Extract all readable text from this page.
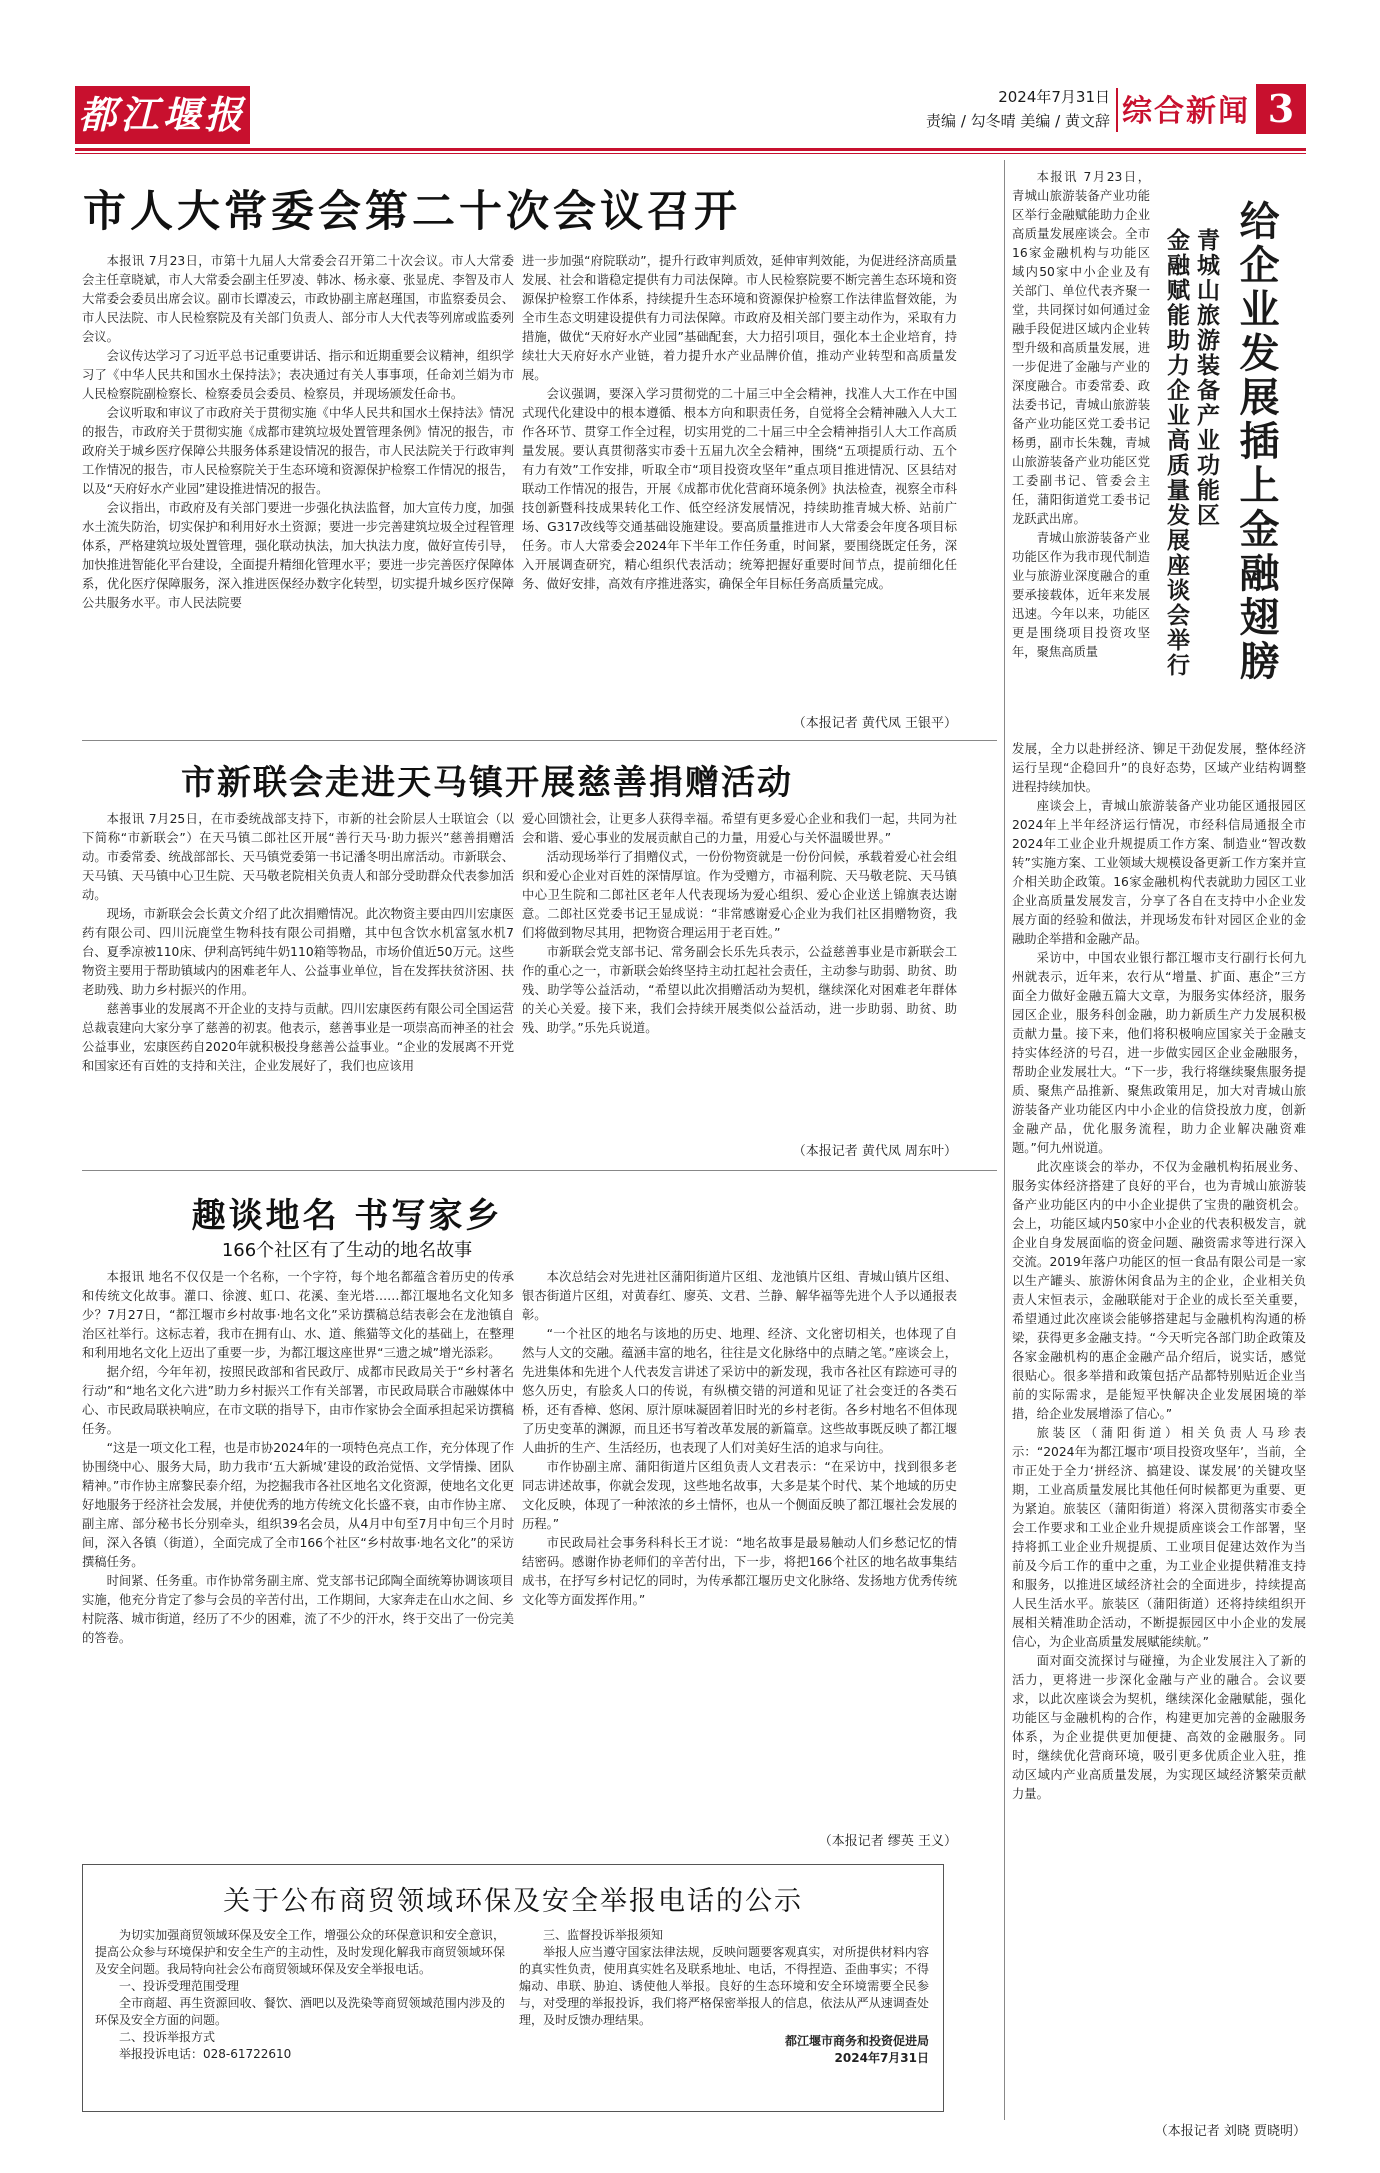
都江堰报	2024年7月31日
责编 / 勾冬晴 美编 / 黄文辞 综合新闻 3
市人大常委会第二十次会议召开

本报讯 7月23日，市第十九届人大常委会召开第二十次会议。市人大常委会主任章晓斌，市人大常委会副主任罗凌、韩冰、杨永豪、张显虎、李智及市人大常委会委员出席会议。副市长谭凌云，市政协副主席赵瑾国，市监察委员会、市人民法院、市人民检察院及有关部门负责人、部分市人大代表等列席或监委列会议。

会议传达学习了习近平总书记重要讲话、指示和近期重要会议精神，组织学习了《中华人民共和国水土保持法》；表决通过有关人事事项，任命刘兰娟为市人民检察院副检察长、检察委员会委员、检察员，并现场颁发任命书。

会议听取和审议了市政府关于贯彻实施《中华人民共和国水土保持法》情况的报告，市政府关于贯彻实施《成都市建筑垃圾处置管理条例》情况的报告，市政府关于城乡医疗保障公共服务体系建设情况的报告，市人民法院关于行政审判工作情况的报告，市人民检察院关于生态环境和资源保护检察工作情况的报告，以及“天府好水产业园”建设推进情况的报告。

会议指出，市政府及有关部门要进一步强化执法监督，加大宣传力度，加强水土流失防治，切实保护和利用好水土资源；要进一步完善建筑垃圾全过程管理体系，严格建筑垃圾处置管理，强化联动执法，加大执法力度，做好宣传引导，加快推进智能化平台建设，全面提升精细化管理水平；要进一步完善医疗保障体系，优化医疗保障服务，深入推进医保经办数字化转型，切实提升城乡医疗保障公共服务水平。市人民法院要

进一步加强“府院联动”，提升行政审判质效，延伸审判效能，为促进经济高质量发展、社会和谐稳定提供有力司法保障。市人民检察院要不断完善生态环境和资源保护检察工作体系，持续提升生态环境和资源保护检察工作法律监督效能，为全市生态文明建设提供有力司法保障。市政府及相关部门要主动作为，采取有力措施，做优“天府好水产业园”基础配套，大力招引项目，强化本土企业培育，持续壮大天府好水产业链，着力提升水产业品牌价值，推动产业转型和高质量发展。

会议强调，要深入学习贯彻党的二十届三中全会精神，找准人大工作在中国式现代化建设中的根本遵循、根本方向和职责任务，自觉将全会精神融入人大工作各环节、贯穿工作全过程，切实用党的二十届三中全会精神指引人大工作高质量发展。要认真贯彻落实市委十五届九次全会精神，围绕“五项提质行动、五个有力有效”工作安排，听取全市“项目投资攻坚年”重点项目推进情况、区县结对联动工作情况的报告，开展《成都市优化营商环境条例》执法检查，视察全市科技创新暨科技成果转化工作、低空经济发展情况，持续助推青城大桥、站前广场、G317改线等交通基础设施建设。要高质量推进市人大常委会年度各项目标任务。市人大常委会2024年下半年工作任务重，时间紧，要围绕既定任务，深入开展调查研究，精心组织代表活动；统筹把握好重要时间节点，提前细化任务、做好安排，高效有序推进落实，确保全年目标任务高质量完成。

（本报记者 黄代凤 王银平）
市新联会走进天马镇开展慈善捐赠活动

本报讯 7月25日，在市委统战部支持下，市新的社会阶层人士联谊会（以下简称“市新联会”）在天马镇二郎社区开展“善行天马·助力振兴”慈善捐赠活动。市委常委、统战部部长、天马镇党委第一书记潘冬明出席活动。市新联会、天马镇、天马镇中心卫生院、天马敬老院相关负责人和部分受助群众代表参加活动。

现场，市新联会会长黄文介绍了此次捐赠情况。此次物资主要由四川宏康医药有限公司、四川沅鹿堂生物科技有限公司捐赠，其中包含饮水机富氢水机7台、夏季凉被110床、伊利高钙纯牛奶110箱等物品，市场价值近50万元。这些物资主要用于帮助镇域内的困难老年人、公益事业单位，旨在发挥扶贫济困、扶老助残、助力乡村振兴的作用。

慈善事业的发展离不开企业的支持与贡献。四川宏康医药有限公司全国运营总裁袁建向大家分享了慈善的初衷。他表示，慈善事业是一项崇高而神圣的社会公益事业，宏康医药自2020年就积极投身慈善公益事业。“企业的发展离不开党和国家还有百姓的支持和关注，企业发展好了，我们也应该用

爱心回馈社会，让更多人获得幸福。希望有更多爱心企业和我们一起，共同为社会和谐、爱心事业的发展贡献自己的力量，用爱心与关怀温暖世界。”

活动现场举行了捐赠仪式，一份份物资就是一份份问候，承载着爱心社会组织和爱心企业对百姓的深情厚谊。作为受赠方，市福利院、天马敬老院、天马镇中心卫生院和二郎社区老年人代表现场为爱心组织、爱心企业送上锦旗表达谢意。二郎社区党委书记王显成说：“非常感谢爱心企业为我们社区捐赠物资，我们将做到物尽其用，把物资合理运用于老百姓。”

市新联会党支部书记、常务副会长乐先兵表示，公益慈善事业是市新联会工作的重心之一，市新联会始终坚持主动扛起社会责任，主动参与助弱、助贫、助残、助学等公益活动，“希望以此次捐赠活动为契机，继续深化对困难老年群体的关心关爱。接下来，我们会持续开展类似公益活动，进一步助弱、助贫、助残、助学。”乐先兵说道。

（本报记者 黄代凤 周东叶）
趣谈地名 书写家乡
166个社区有了生动的地名故事

本报讯 地名不仅仅是一个名称，一个字符，每个地名都蕴含着历史的传承和传统文化故事。灌口、徐渡、虹口、花溪、奎光塔……都江堰地名文化知多少？7月27日，“都江堰市乡村故事·地名文化”采访撰稿总结表彰会在龙池镇自治区社举行。这标志着，我市在拥有山、水、道、熊猫等文化的基础上，在整理和利用地名文化上迈出了重要一步，为都江堰这座世界“三遗之城”增光添彩。

据介绍，今年年初，按照民政部和省民政厅、成都市民政局关于“乡村著名行动”和“地名文化六进”助力乡村振兴工作有关部署，市民政局联合市融媒体中心、市民政局联袂响应，在市文联的指导下，由市作家协会全面承担起采访撰稿任务。

“这是一项文化工程，也是市协2024年的一项特色亮点工作，充分体现了作协围绕中心、服务大局，助力我市‘五大新城’建设的政治觉悟、文学情操、团队精神。”市作协主席黎民泰介绍，为挖掘我市各社区地名文化资源，使地名文化更好地服务于经济社会发展，并使优秀的地方传统文化长盛不衰，由市作协主席、副主席、部分秘书长分别牵头，组织39名会员，从4月中旬至7月中旬三个月时间，深入各镇（街道），全面完成了全市166个社区“乡村故事·地名文化”的采访撰稿任务。

时间紧、任务重。市作协常务副主席、党支部书记邱陶全面统筹协调该项目实施，他充分肯定了参与会员的辛苦付出，工作期间，大家奔走在山水之间、乡村院落、城市街道，经历了不少的困难，流了不少的汗水，终于交出了一份完美的答卷。

本次总结会对先进社区蒲阳街道片区组、龙池镇片区组、青城山镇片区组、银杏街道片区组，对黄春红、廖英、文君、兰静、解华福等先进个人予以通报表彰。

“一个社区的地名与该地的历史、地理、经济、文化密切相关，也体现了自然与人文的交融。蕴涵丰富的地名，往往是文化脉络中的点睛之笔。”座谈会上，先进集体和先进个人代表发言讲述了采访中的新发现，我市各社区有踪迹可寻的悠久历史，有脍炙人口的传说，有纵横交错的河道和见证了社会变迁的各类石桥，还有香樟、悠闲、原汁原味凝固着旧时光的乡村老街。各乡村地名不但体现了历史变革的渊源，而且还书写着改革发展的新篇章。这些故事既反映了都江堰人曲折的生产、生活经历，也表现了人们对美好生活的追求与向往。

市作协副主席、蒲阳街道片区组负责人文君表示：“在采访中，找到很多老同志讲述故事，你就会发现，这些地名故事，大多是某个时代、某个地域的历史文化反映，体现了一种浓浓的乡土情怀，也从一个侧面反映了都江堰社会发展的历程。”

市民政局社会事务科科长王才说：“地名故事是最易触动人们乡愁记忆的情结密码。感谢作协老师们的辛苦付出，下一步，将把166个社区的地名故事集结成书，在抒写乡村记忆的同时，为传承都江堰历史文化脉络、发扬地方优秀传统文化等方面发挥作用。”

（本报记者 缪英 王义）
关于公布商贸领域环保及安全举报电话的公示

为切实加强商贸领域环保及安全工作，增强公众的环保意识和安全意识，提高公众参与环境保护和安全生产的主动性，及时发现化解我市商贸领域环保及安全问题。我局特向社会公布商贸领域环保及安全举报电话。

一、投诉受理范围受理

全市商超、再生资源回收、餐饮、酒吧以及洗染等商贸领域范围内涉及的环保及安全方面的问题。

二、投诉举报方式

举报投诉电话：028-61722610

三、监督投诉举报须知

举报人应当遵守国家法律法规，反映问题要客观真实，对所提供材料内容的真实性负责，使用真实姓名及联系地址、电话，不得捏造、歪曲事实；不得煽动、串联、胁迫、诱使他人举报。良好的生态环境和安全环境需要全民参与，对受理的举报投诉，我们将严格保密举报人的信息，依法从严从速调查处理，及时反馈办理结果。

都江堰市商务和投资促进局
2024年7月31日
给企业发展插上金融翅膀
青城山旅游装备产业功能区
金融赋能助力企业高质量发展座谈会举行

本报讯 7月23日，青城山旅游装备产业功能区举行金融赋能助力企业高质量发展座谈会。全市16家金融机构与功能区域内50家中小企业及有关部门、单位代表齐聚一堂，共同探讨如何通过金融手段促进区域内企业转型升级和高质量发展，进一步促进了金融与产业的深度融合。市委常委、政法委书记，青城山旅游装备产业功能区党工委书记杨勇，副市长朱魏，青城山旅游装备产业功能区党工委副书记、管委会主任，蒲阳街道党工委书记龙跃武出席。

青城山旅游装备产业功能区作为我市现代制造业与旅游业深度融合的重要承接载体，近年来发展迅速。今年以来，功能区更是围绕项目投资攻坚年，聚焦高质量

发展，全力以赴拼经济、铆足干劲促发展，整体经济运行呈现“企稳回升”的良好态势，区域产业结构调整进程持续加快。

座谈会上，青城山旅游装备产业功能区通报园区2024年上半年经济运行情况，市经科信局通报全市2024年工业企业升规提质工作方案、制造业“智改数转”实施方案、工业领域大规模设备更新工作方案并宣介相关助企政策。16家金融机构代表就助力园区工业企业高质量发展发言，分享了各自在支持中小企业发展方面的经验和做法，并现场发布针对园区企业的金融助企举措和金融产品。

采访中，中国农业银行都江堰市支行副行长何九州就表示，近年来，农行从“增量、扩面、惠企”三方面全力做好金融五篇大文章，为服务实体经济，服务园区企业，服务科创金融，助力新质生产力发展积极贡献力量。接下来，他们将积极响应国家关于金融支持实体经济的号召，进一步做实园区企业金融服务，帮助企业发展壮大。“下一步，我行将继续聚焦服务提质、聚焦产品推新、聚焦政策用足，加大对青城山旅游装备产业功能区内中小企业的信贷投放力度，创新金融产品，优化服务流程，助力企业解决融资难题。”何九州说道。

此次座谈会的举办，不仅为金融机构拓展业务、服务实体经济搭建了良好的平台，也为青城山旅游装备产业功能区内的中小企业提供了宝贵的融资机会。会上，功能区域内50家中小企业的代表积极发言，就企业自身发展面临的资金问题、融资需求等进行深入交流。2019年落户功能区的恒一食品有限公司是一家以生产罐头、旅游休闲食品为主的企业，企业相关负责人宋恒表示，金融联能对于企业的成长至关重要，希望通过此次座谈会能够搭建起与金融机构沟通的桥梁，获得更多金融支持。“今天听完各部门助企政策及各家金融机构的惠企金融产品介绍后，说实话，感觉很贴心。很多举措和政策包括产品都特别贴近企业当前的实际需求，是能短平快解决企业发展困境的举措，给企业发展增添了信心。”

旅装区（蒲阳街道）相关负责人马珍表示：“2024年为都江堰市‘项目投资攻坚年’，当前，全市正处于全力‘拼经济、搞建设、谋发展’的关键攻坚期，工业高质量发展比其他任何时候都更为重要、更为紧迫。旅装区（蒲阳街道）将深入贯彻落实市委全会工作要求和工业企业升规提质座谈会工作部署，坚持将抓工业企业升规提质、工业项目促建达效作为当前及今后工作的重中之重，为工业企业提供精准支持和服务，以推进区域经济社会的全面进步，持续提高人民生活水平。旅装区（蒲阳街道）还将持续组织开展相关精准助企活动，不断提振园区中小企业的发展信心，为企业高质量发展赋能续航。”

面对面交流探讨与碰撞，为企业发展注入了新的活力，更将进一步深化金融与产业的融合。会议要求，以此次座谈会为契机，继续深化金融赋能，强化功能区与金融机构的合作，构建更加完善的金融服务体系，为企业提供更加便捷、高效的金融服务。同时，继续优化营商环境，吸引更多优质企业入驻，推动区域内产业高质量发展，为实现区域经济繁荣贡献力量。

（本报记者 刘晓 贾晓明）
